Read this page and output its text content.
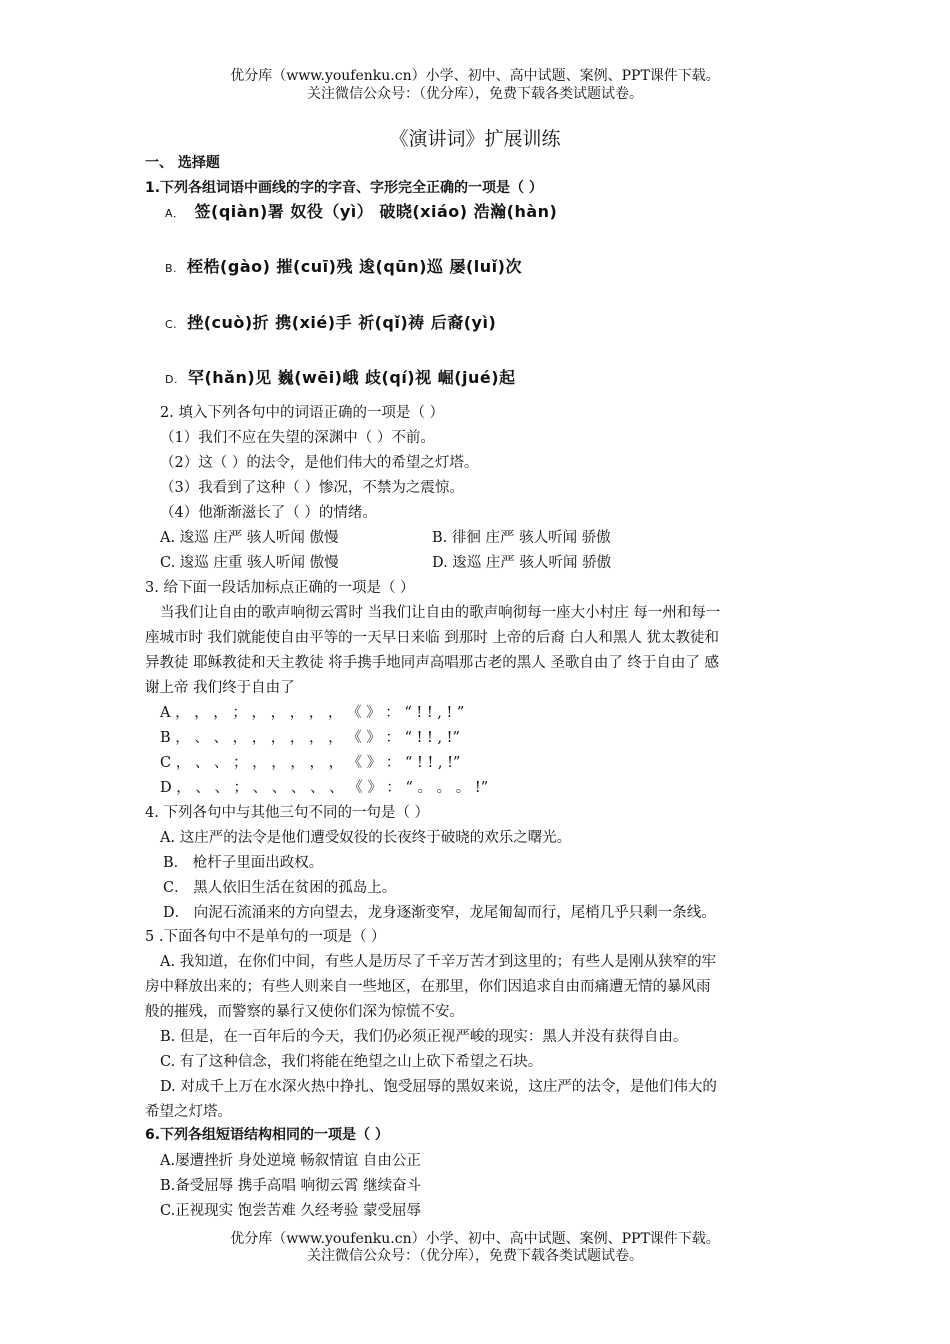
优分库（www.youfenku.cn）小学、初中、高中试题、案例、PPT课件下载。
关注微信公众号：（优分库），免费下载各类试题试卷。
《演讲词》扩展训练
一、 选择题
1.下列各组词语中画线的字的字音、字形完全正确的一项是（ ）
A． 签(qiàn)署 奴役（yì） 破晓(xiáo) 浩瀚(hàn)
B. 桎梏(gào) 摧(cuī)残 逡(qūn)巡 屡(luǐ)次
C. 挫(cuò)折 携(xié)手 祈(qǐ)祷 后裔(yì)
D. 罕(hǎn)见 巍(wēi)峨 歧(qí)视 崛(jué)起
2. 填入下列各句中的词语正确的一项是（ ）
（1）我们不应在失望的深渊中（ ）不前。
（2）这（ ）的法令，是他们伟大的希望之灯塔。
（3）我看到了这种（ ）惨况，不禁为之震惊。
（4）他渐渐滋长了（ ）的情绪。
A. 逡巡 庄严 骇人听闻 傲慢	B. 徘徊 庄严 骇人听闻 骄傲
C. 逡巡 庄重 骇人听闻 傲慢	D. 逡巡 庄严 骇人听闻 骄傲
3. 给下面一段话加标点正确的一项是（ ）
当我们让自由的歌声响彻云霄时 当我们让自由的歌声响彻每一座大小村庄 每一州和每一
座城市时 我们就能使自由平等的一天早日来临 到那时 上帝的后裔 白人和黑人 犹太教徒和
异教徒 耶稣教徒和天主教徒 将手携手地同声高唱那古老的黑人 圣歌自由了 终于自由了 感
谢上帝 我们终于自由了
A ， ， ， ； ， ， ， ， ， 《 》 ： “ ! ! , ! ”
B ， 、 、 ， ， ， ， ， ， 《 》 ： “ ! ! , !”
C ， 、 、 ； ， ， ， ， ， 《 》 ： “ ! ! , !”
D ， 、 、 ； 、 、 、 、 、 《 》 ： “ 。 。 。 !”
4. 下列各句中与其他三句不同的一句是（ ）
A. 这庄严的法令是他们遭受奴役的长夜终于破晓的欢乐之曙光。
B． 枪杆子里面出政权。
C． 黑人依旧生活在贫困的孤岛上。
D． 向泥石流涌来的方向望去，龙身逐渐变窄，龙尾匍匐而行，尾梢几乎只剩一条线。
5 .下面各句中不是单句的一项是（ ）
A. 我知道，在你们中间，有些人是历尽了千辛万苦才到这里的；有些人是刚从狭窄的牢
房中释放出来的；有些人则来自一些地区，在那里，你们因追求自由而痛遭无情的暴风雨
般的摧残，而警察的暴行又使你们深为惊慌不安。
B. 但是，在一百年后的今天，我们仍必须正视严峻的现实：黑人并没有获得自由。
C. 有了这种信念，我们将能在绝望之山上砍下希望之石块。
D. 对成千上万在水深火热中挣扎、饱受屈辱的黑奴来说，这庄严的法令，是他们伟大的
希望之灯塔。
6.下列各组短语结构相同的一项是（ ）
A.屡遭挫折 身处逆境 畅叙情谊 自由公正
B.备受屈辱 携手高唱 响彻云霄 继续奋斗
C.正视现实 饱尝苦难 久经考验 蒙受屈辱
优分库（www.youfenku.cn）小学、初中、高中试题、案例、PPT课件下载。
关注微信公众号：（优分库），免费下载各类试题试卷。
